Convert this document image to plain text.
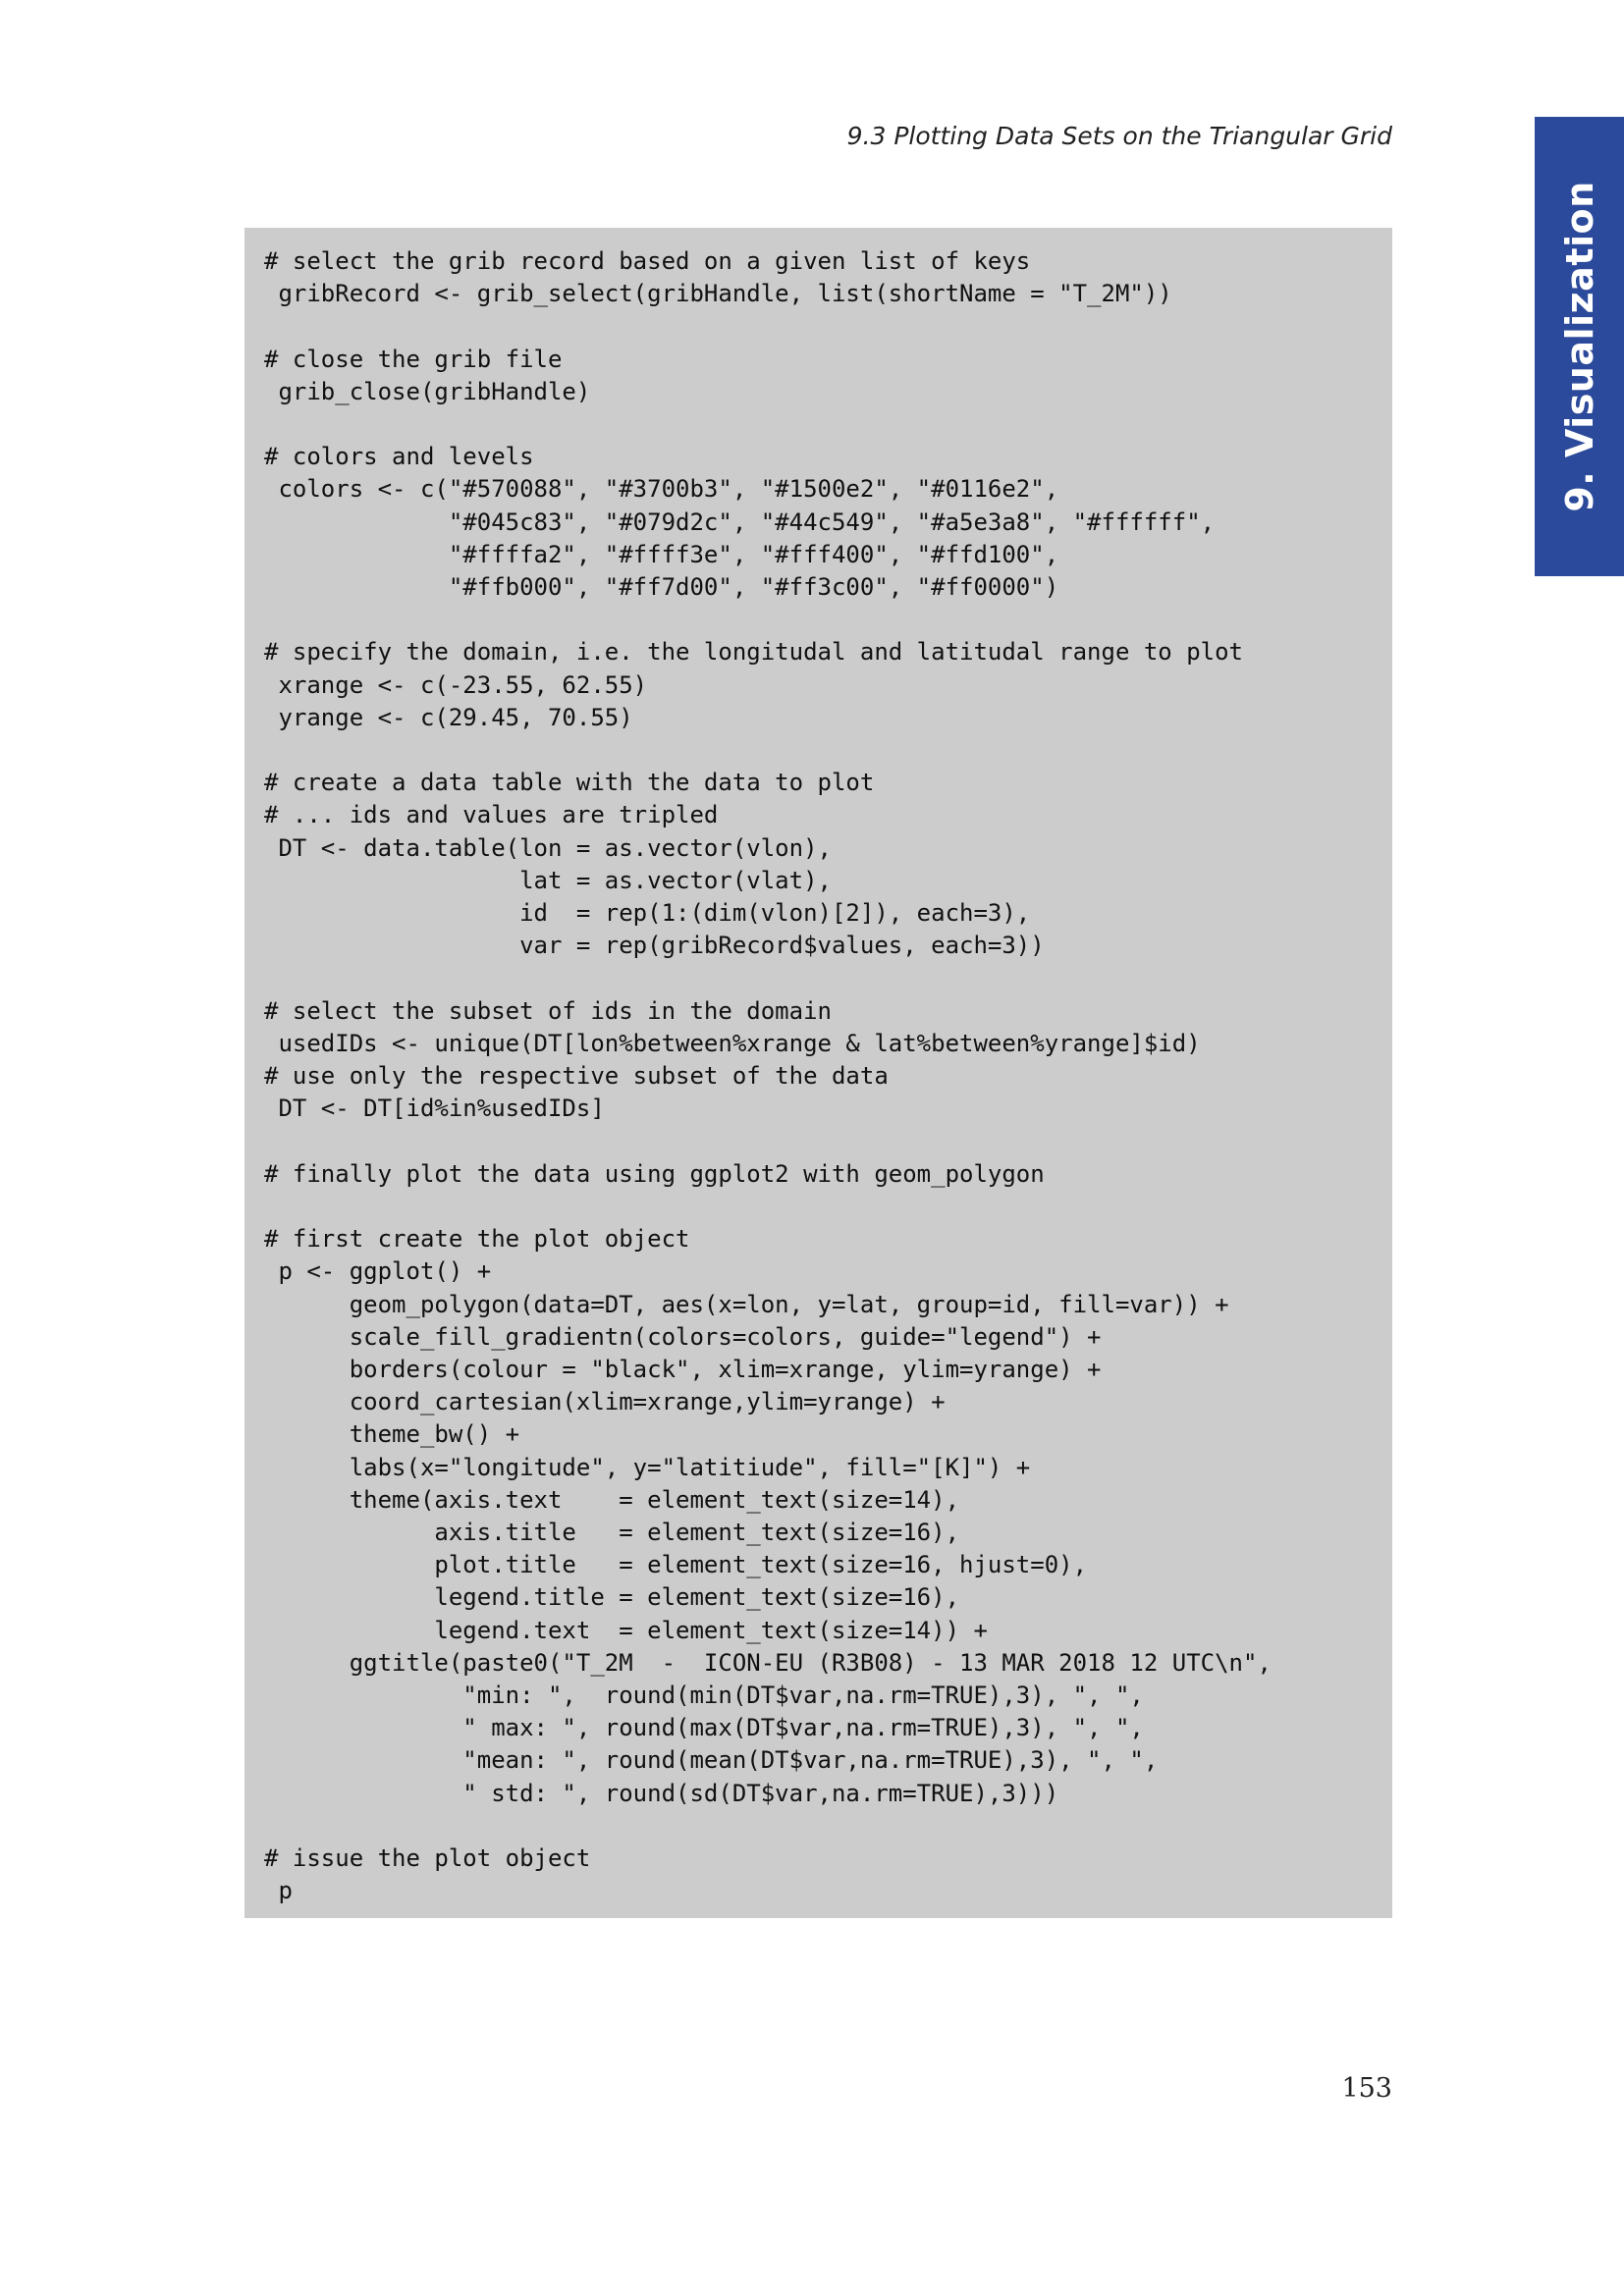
9.3 Plotting Data Sets on the Triangular Grid

9. Visualization
# select the grib record based on a given list of keys
gribRecord <- grib_select(gribHandle, list(shortName = "T_2M"))

# close the grib file
grib_close(gribHandle)

# colors and levels
colors <- c("#570088", "#3700b3", "#1500e2", "#0116e2",
"#045c83", "#079d2c", "#44c549", "#a5e3a8", "#ffffff",
"#ffffa2", "#ffff3e", "#fff400", "#ffd100",
"#ffb000", "#ff7d00", "#ff3c00", "#ff0000")

# specify the domain, i.e. the longitudal and latitudal range to plot
xrange <- c(-23.55, 62.55)
yrange <- c(29.45, 70.55)

# create a data table with the data to plot
# ... ids and values are tripled
DT <- data.table(lon = as.vector(vlon),
lat = as.vector(vlat),
id  = rep(1:(dim(vlon)[2]), each=3),
var = rep(gribRecord$values, each=3))

# select the subset of ids in the domain
usedIDs <- unique(DT[lon%between%xrange & lat%between%yrange]$id)
# use only the respective subset of the data
DT <- DT[id%in%usedIDs]

# finally plot the data using ggplot2 with geom_polygon

# first create the plot object
p <- ggplot() +
geom_polygon(data=DT, aes(x=lon, y=lat, group=id, fill=var)) +
scale_fill_gradientn(colors=colors, guide="legend") +
borders(colour = "black", xlim=xrange, ylim=yrange) +
coord_cartesian(xlim=xrange,ylim=yrange) +
theme_bw() +
labs(x="longitude", y="latitiude", fill="[K]") +
theme(axis.text    = element_text(size=14),
axis.title   = element_text(size=16),
plot.title   = element_text(size=16, hjust=0),
legend.title = element_text(size=16),
legend.text  = element_text(size=14)) +
ggtitle(paste0("T_2M  -  ICON-EU (R3B08) - 13 MAR 2018 12 UTC\n",
"min: ",  round(min(DT$var,na.rm=TRUE),3), ", ",
" max: ", round(max(DT$var,na.rm=TRUE),3), ", ",
"mean: ", round(mean(DT$var,na.rm=TRUE),3), ", ",
" std: ", round(sd(DT$var,na.rm=TRUE),3)))

# issue the plot object
p

153
